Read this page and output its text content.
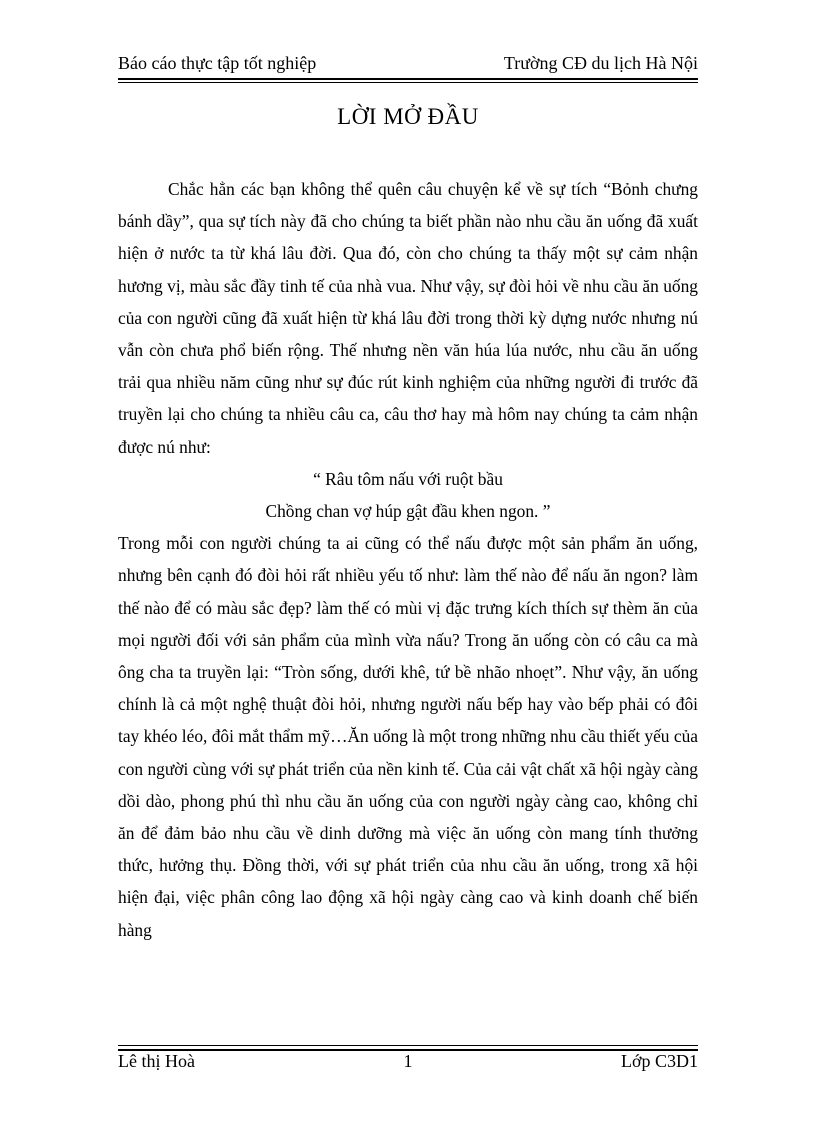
Báo cáo thực tập tốt nghiệp	Trường CĐ du lịch Hà Nội
LỜI MỞ ĐẦU

Chắc hẳn các bạn không thể quên câu chuyện kể về sự tích “Bỏnh chưng bánh dầy”, qua sự tích này đã cho chúng ta biết phần nào nhu cầu ăn uống đã xuất hiện ở nước ta từ khá lâu đời. Qua đó, còn cho chúng ta thấy một sự cảm nhận hương vị, màu sắc đầy tinh tế của nhà vua. Như vậy, sự đòi hỏi về nhu cầu ăn uống của con người cũng đã xuất hiện từ khá lâu đời trong thời kỳ dựng nước nhưng nú vẫn còn chưa phổ biến rộng. Thế nhưng nền văn húa lúa nước, nhu cầu ăn uống trải qua nhiều năm cũng như sự đúc rút kinh nghiệm của những người đi trước đã truyền lại cho chúng ta nhiều câu ca, câu thơ hay mà hôm nay chúng ta cảm nhận được nú như:

“ Râu tôm nấu với ruột bầu

Chồng chan vợ húp gật đầu khen ngon. ”

Trong mỗi con người chúng ta ai cũng có thể nấu được một sản phẩm ăn uống, nhưng bên cạnh đó đòi hỏi rất nhiều yếu tố như: làm thế nào để nấu ăn ngon? làm thế nào để có màu sắc đẹp? làm thế có mùi vị đặc trưng kích thích sự thèm ăn của mọi người đối với sản phẩm của mình vừa nấu? Trong ăn uống còn có câu ca mà ông cha ta truyền lại: “Tròn sống, dưới khê, tứ bề nhão nhoẹt”. Như vậy, ăn uống chính là cả một nghệ thuật đòi hỏi, nhưng người nấu bếp hay vào bếp phải có đôi tay khéo léo, đôi mắt thẩm mỹ…Ăn uống là một trong những nhu cầu thiết yếu của con người cùng với sự phát triển của nền kinh tế. Của cải vật chất xã hội ngày càng dồi dào, phong phú thì nhu cầu ăn uống của con người ngày càng cao, không chỉ ăn để đảm bảo nhu cầu về dinh dưỡng mà việc ăn uống còn mang tính thưởng thức, hưởng thụ. Đồng thời, với sự phát triển của nhu cầu ăn uống, trong xã hội hiện đại, việc phân công lao động xã hội ngày càng cao và kinh doanh chế biến hàng

Lê thị Hoà	1	Lớp C3D1
